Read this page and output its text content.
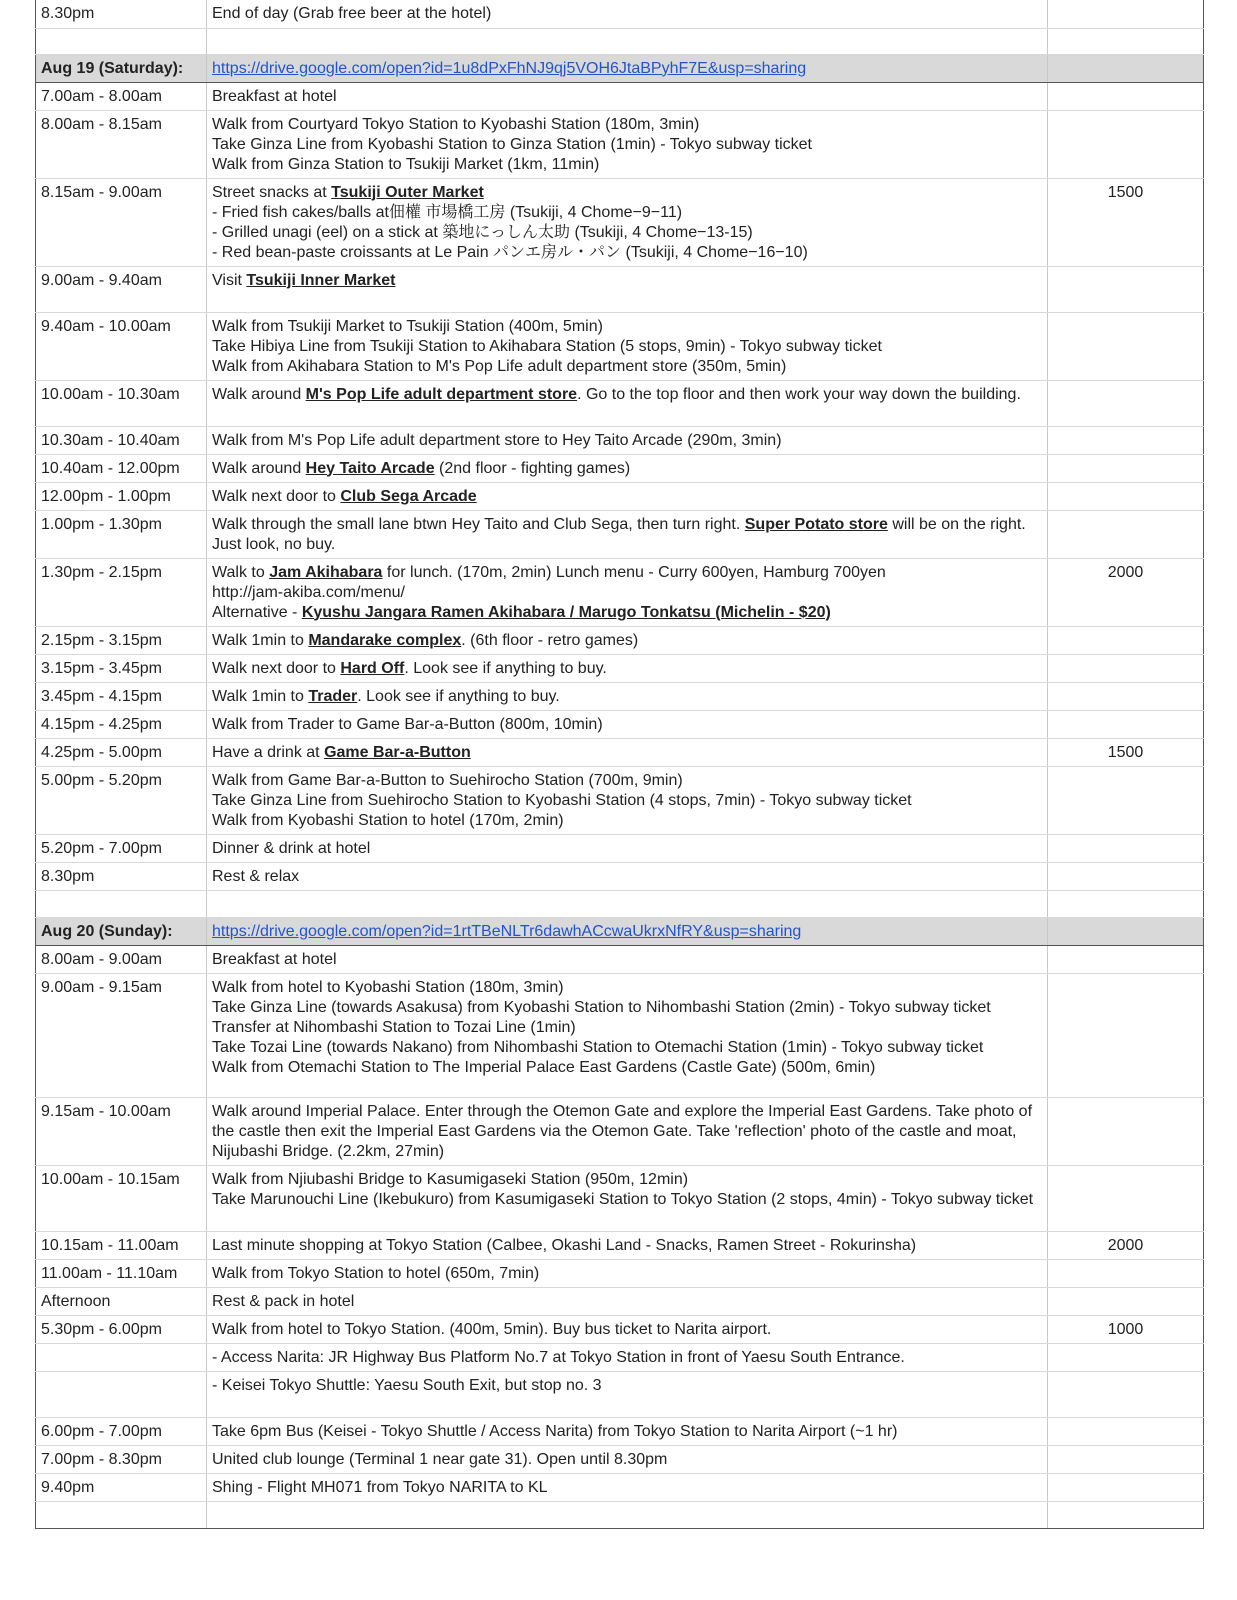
8.30pm	End of day (Grab free beer at the hotel)	

Aug 19 (Saturday):	https://drive.google.com/open?id=1u8dPxFhNJ9qj5VOH6JtaBPyhF7E&usp=sharing	
7.00am - 8.00am	Breakfast at hotel	
8.00am - 8.15am	Walk from Courtyard Tokyo Station to Kyobashi Station (180m, 3min)
Take Ginza Line from Kyobashi Station to Ginza Station (1min) - Tokyo subway ticket
Walk from Ginza Station to Tsukiji Market (1km, 11min)	
8.15am - 9.00am	Street snacks at Tsukiji Outer Market
- Fried fish cakes/balls at佃權 市場橋工房 (Tsukiji, 4 Chome−9−11)
- Grilled unagi (eel) on a stick at 築地にっしん太助 (Tsukiji, 4 Chome−13-15)
- Red bean-paste croissants at Le Pain パンエ房ル・パン (Tsukiji, 4 Chome−16−10)	1500
9.00am - 9.40am	Visit Tsukiji Inner Market	
9.40am - 10.00am	Walk from Tsukiji Market to Tsukiji Station (400m, 5min)
Take Hibiya Line from Tsukiji Station to Akihabara Station (5 stops, 9min) - Tokyo subway ticket
Walk from Akihabara Station to M's Pop Life adult department store (350m, 5min)	
10.00am - 10.30am	Walk around M's Pop Life adult department store. Go to the top floor and then work your way down the building.	
10.30am - 10.40am	Walk from M's Pop Life adult department store to Hey Taito Arcade (290m, 3min)	
10.40am - 12.00pm	Walk around Hey Taito Arcade (2nd floor - fighting games)	
12.00pm - 1.00pm	Walk next door to Club Sega Arcade	
1.00pm - 1.30pm	Walk through the small lane btwn Hey Taito and Club Sega, then turn right. Super Potato store will be on the right. Just look, no buy.	
1.30pm - 2.15pm	Walk to Jam Akihabara for lunch. (170m, 2min) Lunch menu - Curry 600yen, Hamburg 700yen
http://jam-akiba.com/menu/
Alternative - Kyushu Jangara Ramen Akihabara / Marugo Tonkatsu (Michelin - $20)	2000
2.15pm - 3.15pm	Walk 1min to Mandarake complex. (6th floor - retro games)	
3.15pm - 3.45pm	Walk next door to Hard Off. Look see if anything to buy.	
3.45pm - 4.15pm	Walk 1min to Trader. Look see if anything to buy.	
4.15pm - 4.25pm	Walk from Trader to Game Bar-a-Button (800m, 10min)	
4.25pm - 5.00pm	Have a drink at Game Bar-a-Button	1500
5.00pm - 5.20pm	Walk from Game Bar-a-Button to Suehirocho Station (700m, 9min)
Take Ginza Line from Suehirocho Station to Kyobashi Station (4 stops, 7min) - Tokyo subway ticket
Walk from Kyobashi Station to hotel (170m, 2min)	
5.20pm - 7.00pm	Dinner & drink at hotel	
8.30pm	Rest & relax	

Aug 20 (Sunday):	https://drive.google.com/open?id=1rtTBeNLTr6dawhACcwaUkrxNfRY&usp=sharing	
8.00am - 9.00am	Breakfast at hotel	
9.00am - 9.15am	Walk from hotel to Kyobashi Station (180m, 3min)
Take Ginza Line (towards Asakusa) from Kyobashi Station to Nihombashi Station (2min) - Tokyo subway ticket
Transfer at Nihombashi Station to Tozai Line (1min)
Take Tozai Line (towards Nakano) from Nihombashi Station to Otemachi Station (1min) - Tokyo subway ticket
Walk from Otemachi Station to The Imperial Palace East Gardens (Castle Gate) (500m, 6min)	
9.15am - 10.00am	Walk around Imperial Palace. Enter through the Otemon Gate and explore the Imperial East Gardens. Take photo of the castle then exit the Imperial East Gardens via the Otemon Gate. Take 'reflection' photo of the castle and moat, Nijubashi Bridge. (2.2km, 27min)	
10.00am - 10.15am	Walk from Njiubashi Bridge to Kasumigaseki Station (950m, 12min)
Take Marunouchi Line (Ikebukuro) from Kasumigaseki Station to Tokyo Station (2 stops, 4min) - Tokyo subway ticket	
10.15am - 11.00am	Last minute shopping at Tokyo Station (Calbee, Okashi Land - Snacks, Ramen Street - Rokurinsha)	2000
11.00am - 11.10am	Walk from Tokyo Station to hotel (650m, 7min)	
Afternoon	Rest & pack in hotel	
5.30pm - 6.00pm	Walk from hotel to Tokyo Station. (400m, 5min). Buy bus ticket to Narita airport.	1000
	- Access Narita: JR Highway Bus Platform No.7 at Tokyo Station in front of Yaesu South Entrance.	
	- Keisei Tokyo Shuttle: Yaesu South Exit, but stop no. 3	
6.00pm - 7.00pm	Take 6pm Bus (Keisei - Tokyo Shuttle / Access Narita) from Tokyo Station to Narita Airport (~1 hr)	
7.00pm - 8.30pm	United club lounge (Terminal 1 near gate 31). Open until 8.30pm	
9.40pm	Shing - Flight MH071 from Tokyo NARITA to KL	
